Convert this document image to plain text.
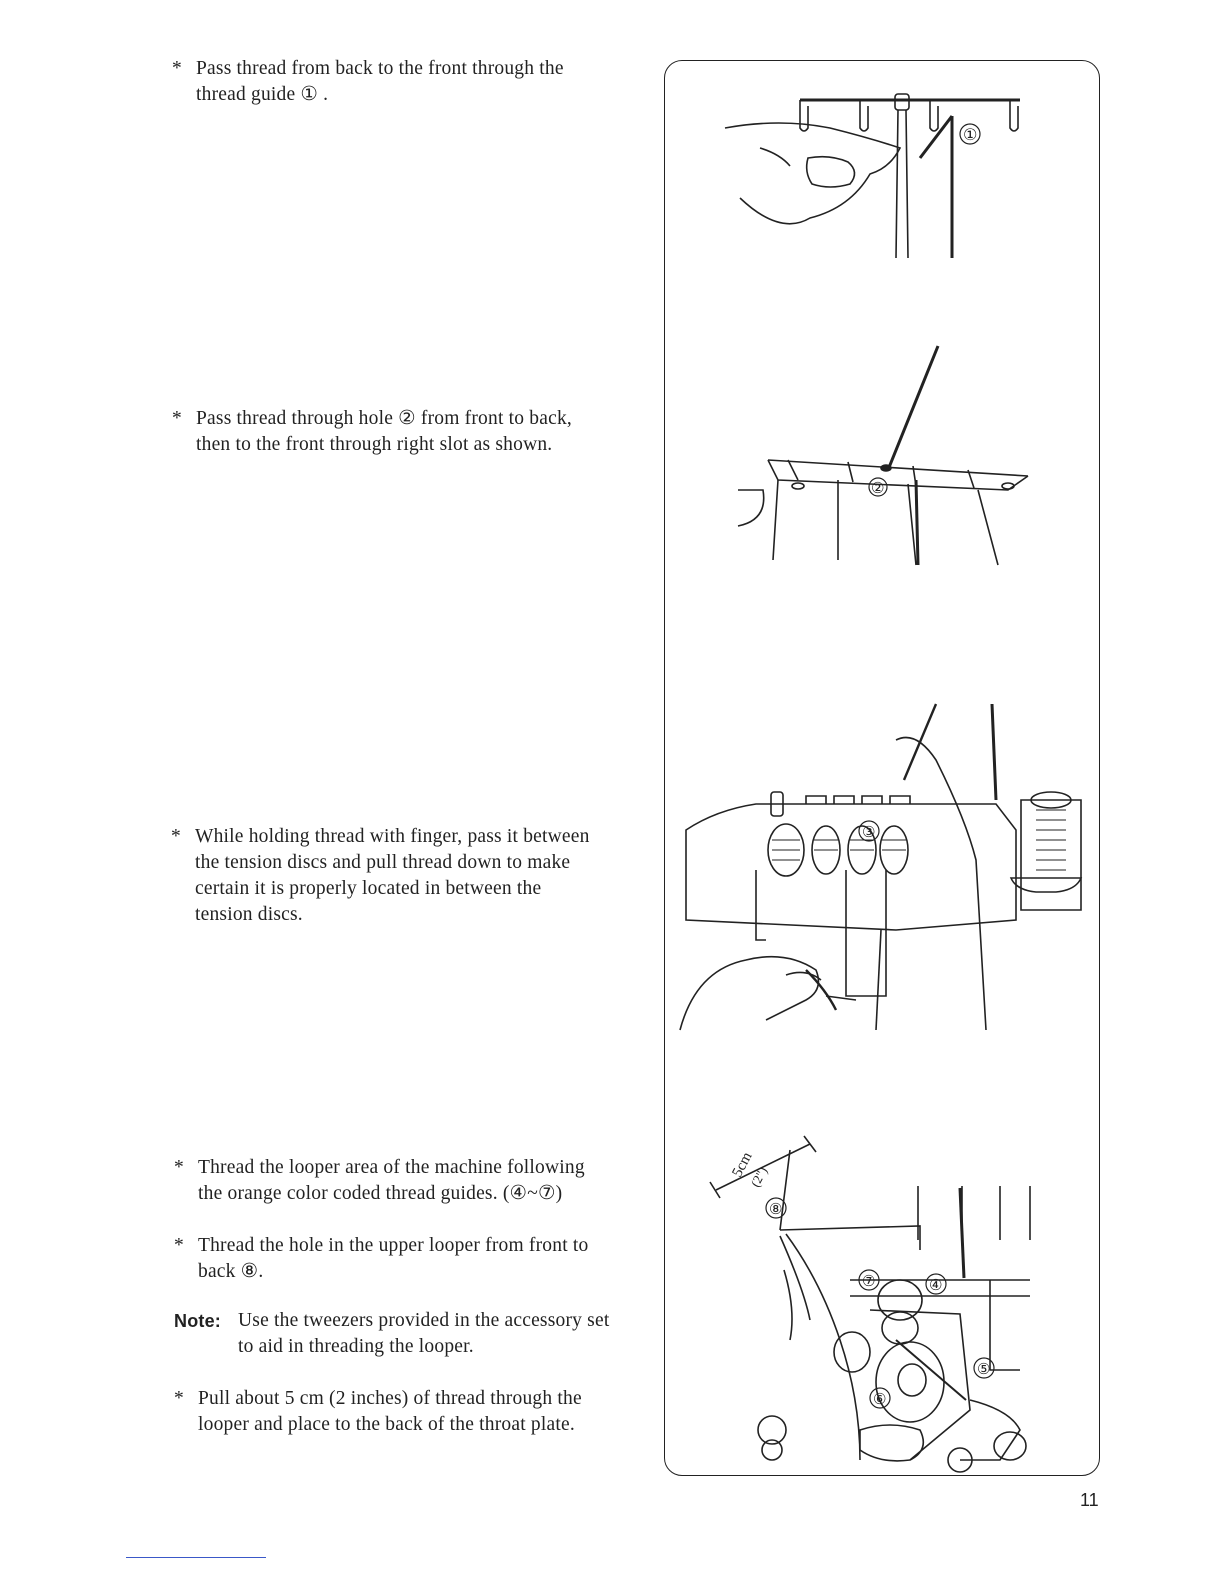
* Pass thread from back to the front through the
thread guide ① .
* Pass thread through hole ② from front to back,
then to the front through right slot as shown.
* While holding thread with finger, pass it between
the tension discs and pull thread down to make
certain it is properly located in between the
tension discs.
* Thread the looper area of the machine following
the orange color coded thread guides. (④~⑦)
* Thread the hole in the upper looper from front to
back ⑧.
Note: Use the tweezers provided in the accessory set
to aid in threading the looper.
* Pull about 5 cm (2 inches) of thread through the
looper and place to the back of the throat plate.
①
②
③
5cm
(2")
⑦	④
⑤
⑥
⑧
11
